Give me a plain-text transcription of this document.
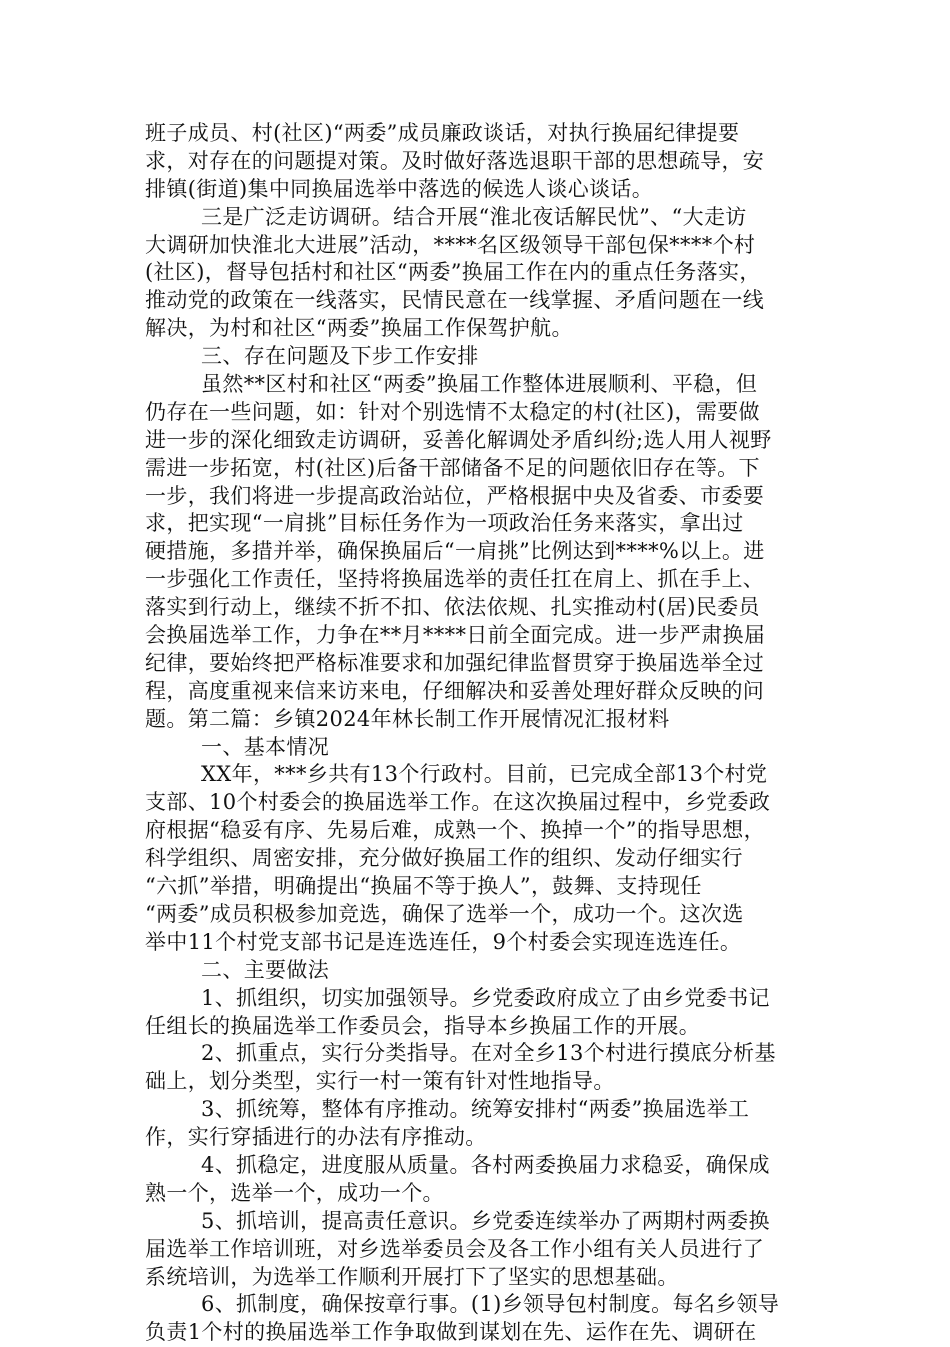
班子成员、村(社区)“两委”成员廉政谈话，对执行换届纪律提要
求，对存在的问题提对策。及时做好落选退职干部的思想疏导，安
排镇(街道)集中同换届选举中落选的候选人谈心谈话。
三是广泛走访调研。结合开展“淮北夜话解民忧”、“大走访
大调研加快淮北大进展”活动，****名区级领导干部包保****个村
(社区)，督导包括村和社区“两委”换届工作在内的重点任务落实，
推动党的政策在一线落实，民情民意在一线掌握、矛盾问题在一线
解决，为村和社区“两委”换届工作保驾护航。
三、存在问题及下步工作安排
虽然**区村和社区“两委”换届工作整体进展顺利、平稳，但
仍存在一些问题，如：针对个别选情不太稳定的村(社区)，需要做
进一步的深化细致走访调研，妥善化解调处矛盾纠纷;选人用人视野
需进一步拓宽，村(社区)后备干部储备不足的问题依旧存在等。下
一步，我们将进一步提高政治站位，严格根据中央及省委、市委要
求，把实现“一肩挑”目标任务作为一项政治任务来落实，拿出过
硬措施，多措并举，确保换届后“一肩挑”比例达到****%以上。进
一步强化工作责任，坚持将换届选举的责任扛在肩上、抓在手上、
落实到行动上，继续不折不扣、依法依规、扎实推动村(居)民委员
会换届选举工作，力争在**月****日前全面完成。进一步严肃换届
纪律，要始终把严格标准要求和加强纪律监督贯穿于换届选举全过
程，高度重视来信来访来电，仔细解决和妥善处理好群众反映的问
题。第二篇：乡镇2024年林长制工作开展情况汇报材料
一、基本情况
XX年，***乡共有13个行政村。目前，已完成全部13个村党
支部、10个村委会的换届选举工作。在这次换届过程中，乡党委政
府根据“稳妥有序、先易后难，成熟一个、换掉一个”的指导思想，
科学组织、周密安排，充分做好换届工作的组织、发动仔细实行
“六抓”举措，明确提出“换届不等于换人”，鼓舞、支持现任
“两委”成员积极参加竞选，确保了选举一个，成功一个。这次选
举中11个村党支部书记是连选连任，9个村委会实现连选连任。
二、主要做法
1、抓组织，切实加强领导。乡党委政府成立了由乡党委书记
任组长的换届选举工作委员会，指导本乡换届工作的开展。
2、抓重点，实行分类指导。在对全乡13个村进行摸底分析基
础上，划分类型，实行一村一策有针对性地指导。
3、抓统筹，整体有序推动。统筹安排村“两委”换届选举工
作，实行穿插进行的办法有序推动。
4、抓稳定，进度服从质量。各村两委换届力求稳妥，确保成
熟一个，选举一个，成功一个。
5、抓培训，提高责任意识。乡党委连续举办了两期村两委换
届选举工作培训班，对乡选举委员会及各工作小组有关人员进行了
系统培训，为选举工作顺利开展打下了坚实的思想基础。
6、抓制度，确保按章行事。(1)乡领导包村制度。每名乡领导
负责1个村的换届选举工作争取做到谋划在先、运作在先、调研在
